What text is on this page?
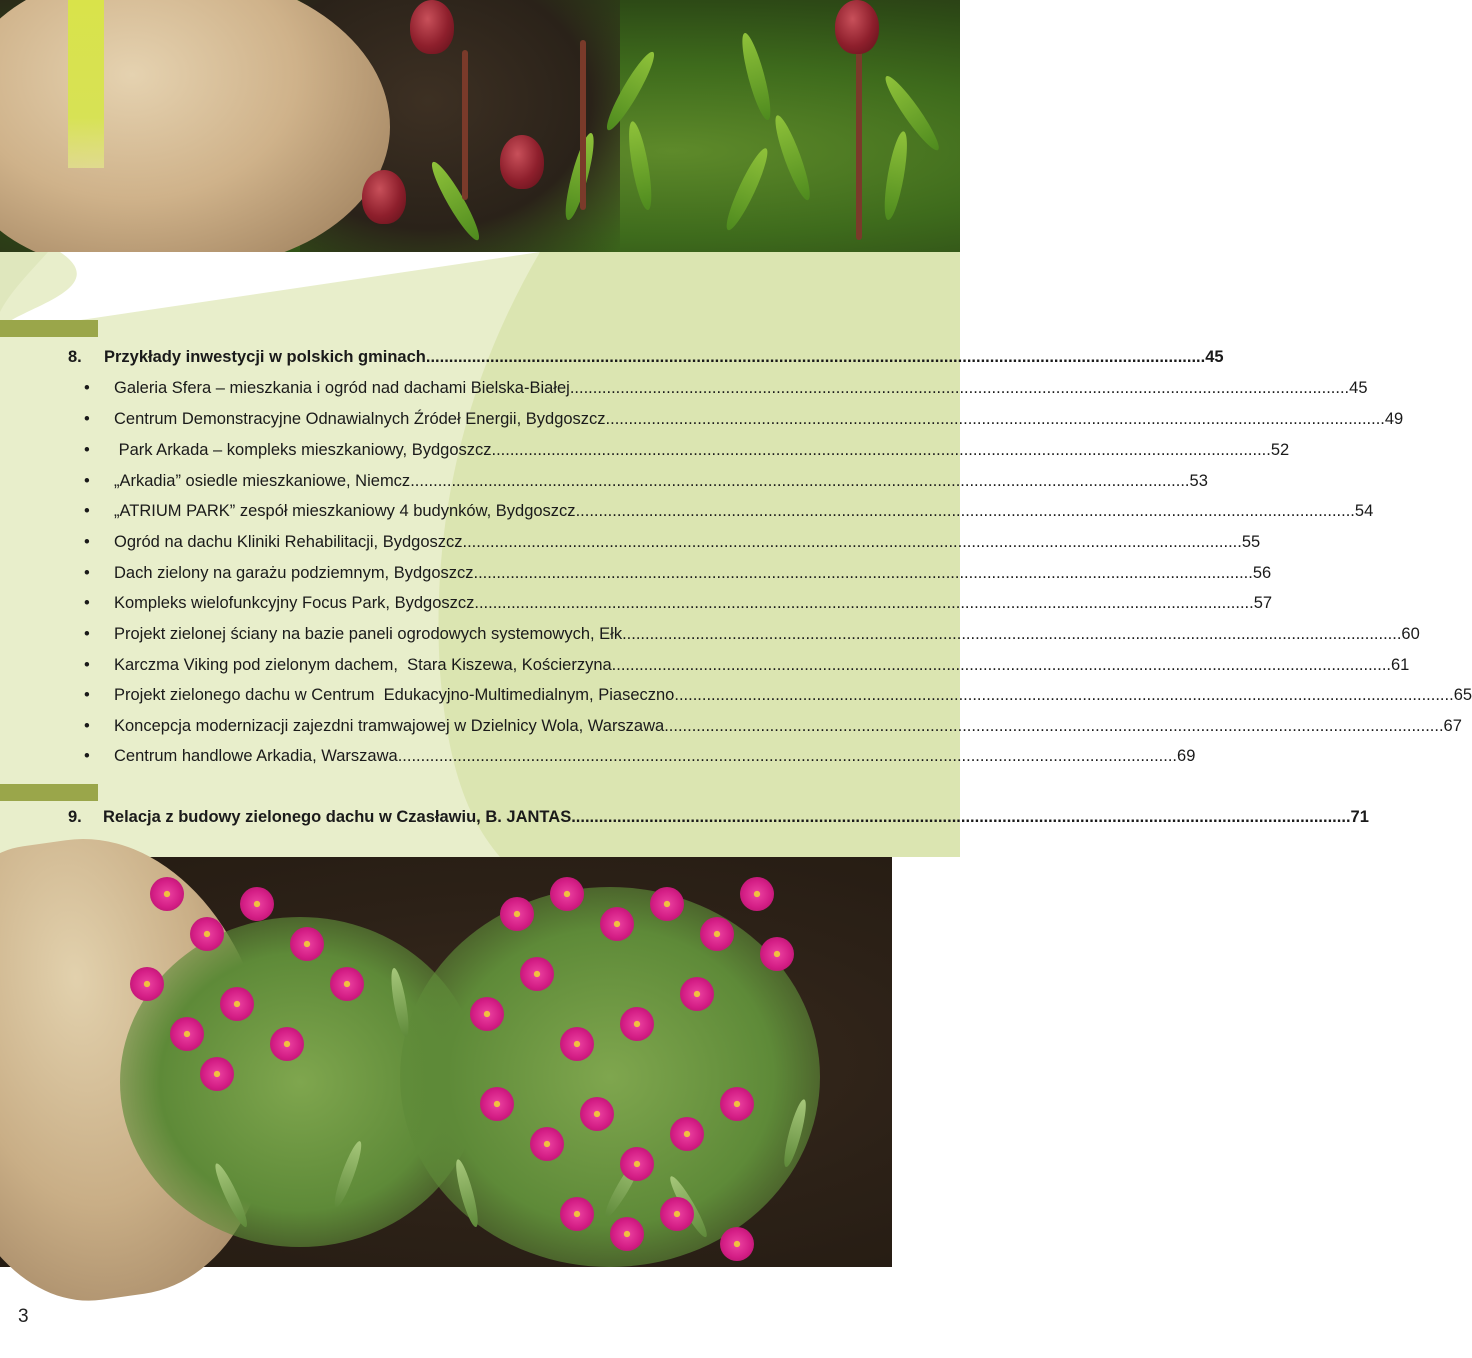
8. Przykłady inwestycji w polskich gminach .......................................................................................................................................................................... 45
• Galeria Sfera – mieszkania i ogród nad dachami Bielska-Białej .......................................................................................................................................................................... 45
• Centrum Demonstracyjne Odnawialnych Źródeł Energii, Bydgoszcz .......................................................................................................................................................................... 49
• Park Arkada – kompleks mieszkaniowy, Bydgoszcz .......................................................................................................................................................................... 52
• „Arkadia” osiedle mieszkaniowe, Niemcz .......................................................................................................................................................................... 53
• „ATRIUM PARK” zespół mieszkaniowy 4 budynków, Bydgoszcz .......................................................................................................................................................................... 54
• Ogród na dachu Kliniki Rehabilitacji, Bydgoszcz .......................................................................................................................................................................... 55
• Dach zielony na garażu podziemnym, Bydgoszcz .......................................................................................................................................................................... 56
• Kompleks wielofunkcyjny Focus Park, Bydgoszcz .......................................................................................................................................................................... 57
• Projekt zielonej ściany na bazie paneli ogrodowych systemowych, Ełk .......................................................................................................................................................................... 60
• Karczma Viking pod zielonym dachem,  Stara Kiszewa, Kościerzyna .......................................................................................................................................................................... 61
• Projekt zielonego dachu w Centrum  Edukacyjno-Multimedialnym, Piaseczno .......................................................................................................................................................................... 65
• Koncepcja modernizacji zajezdni tramwajowej w Dzielnicy Wola, Warszawa .......................................................................................................................................................................... 67
• Centrum handlowe Arkadia, Warszawa .......................................................................................................................................................................... 69
9. Relacja z budowy zielonego dachu w Czasławiu, B. JANTAS .......................................................................................................................................................................... 71
3
